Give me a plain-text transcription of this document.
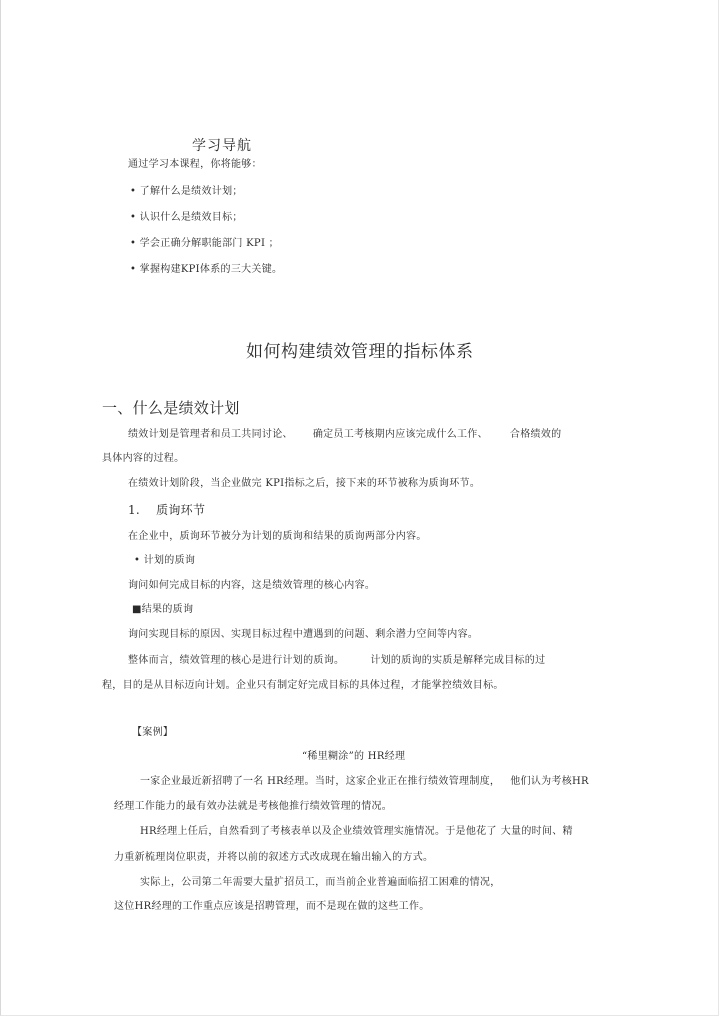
学习导航
通过学习本课程，你将能够：
• 了解什么是绩效计划；
• 认识什么是绩效目标；
• 学会正确分解职能部门 KPI ；
• 掌握构建KPI体系的三大关键。
如何构建绩效管理的指标体系
一、什么是绩效计划
绩效计划是管理者和员工共同讨论、 确定员工考核期内应该完成什么工作、 合格绩效的
具体内容的过程。
在绩效计划阶段，当企业做完 KPI指标之后，接下来的环节被称为质询环节。
1. 质询环节
在企业中，质询环节被分为计划的质询和结果的质询两部分内容。
• 计划的质询
询问如何完成目标的内容，这是绩效管理的核心内容。
■结果的质询
询问实现目标的原因、实现目标过程中遭遇到的问题、剩余潜力空间等内容。
整体而言，绩效管理的核心是进行计划的质询。	计划的质询的实质是解释完成目标的过
程，目的是从目标迈向计划。企业只有制定好完成目标的具体过程，才能掌控绩效目标。
【案例】
“稀里糊涂”的 HR经理
一家企业最近新招聘了一名 HR经理。当时，这家企业正在推行绩效管理制度， 他们认为考核HR
经理工作能力的最有效办法就是考核他推行绩效管理的情况。
HR经理上任后，自然看到了考核表单以及企业绩效管理实施情况。于是他花了 大量的时间、精
力重新梳理岗位职责，并将以前的叙述方式改成现在输出输入的方式。
实际上，公司第二年需要大量扩招员工，而当前企业普遍面临招工困难的情况，
这位HR经理的工作重点应该是招聘管理，而不是现在做的这些工作。
